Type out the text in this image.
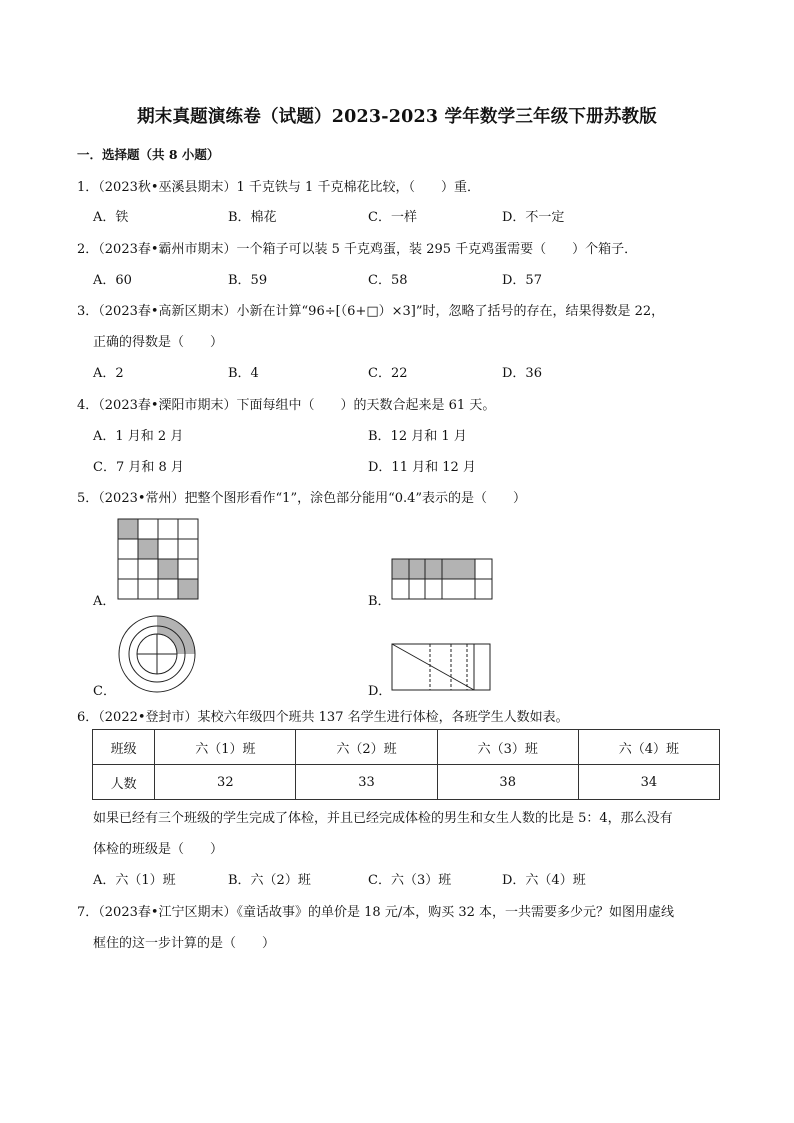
期末真题演练卷（试题）2023-2023 学年数学三年级下册苏教版
一．选择题（共 8 小题）
1．（2023秋•巫溪县期末）1 千克铁与 1 千克棉花比较，（　　）重．
A．铁	B．棉花	C．一样	D．不一定
2．（2023春•霸州市期末）一个箱子可以装 5 千克鸡蛋，装 295 千克鸡蛋需要（　　）个箱子．
A．60	B．59	C．58	D．57
3．（2023春•高新区期末）小新在计算“96÷[（6+□）×3]”时，忽略了括号的存在，结果得数是 22，
正确的得数是（　　）
A．2	B．4	C．22	D．36
4．（2023春•溧阳市期末）下面每组中（　　）的天数合起来是 61 天。
A．1 月和 2 月	B．12 月和 1 月
C．7 月和 8 月	D．11 月和 12 月
5．（2023•常州）把整个图形看作“1”，涂色部分能用“0.4”表示的是（　　）
A．	B．
C．	D．
6．（2022•登封市）某校六年级四个班共 137 名学生进行体检，各班学生人数如表。
班级	六（1）班	六（2）班	六（3）班	六（4）班
人数	32	33	38	34
如果已经有三个班级的学生完成了体检，并且已经完成体检的男生和女生人数的比是 5：4，那么没有
体检的班级是（　　）
A．六（1）班	B．六（2）班	C．六（3）班	D．六（4）班
7．（2023春•江宁区期末）《童话故事》的单价是 18 元/本，购买 32 本，一共需要多少元？如图用虚线
框住的这一步计算的是（　　）
